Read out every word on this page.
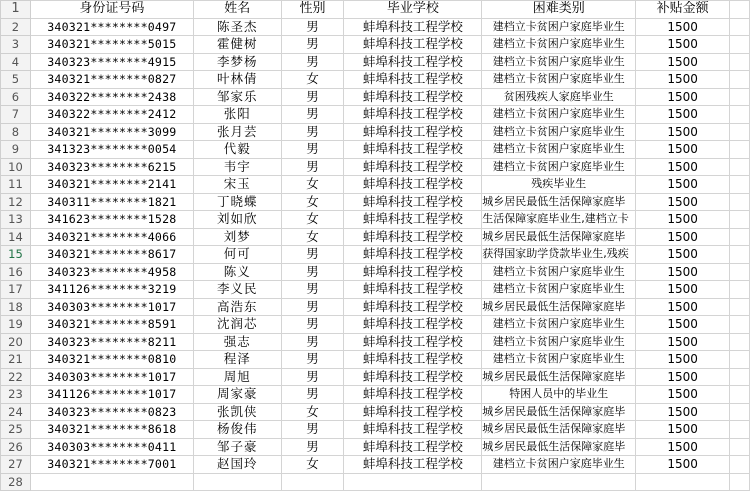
1	身份证号码	姓名	性别	毕业学校	困难类别	补贴金额	
2	340321********0497	陈圣杰	男	蚌埠科技工程学校	建档立卡贫困户家庭毕业生	1500	
3	340321********5015	霍健树	男	蚌埠科技工程学校	建档立卡贫困户家庭毕业生	1500	
4	340323********4915	李梦杨	男	蚌埠科技工程学校	建档立卡贫困户家庭毕业生	1500	
5	340321********0827	叶林倩	女	蚌埠科技工程学校	建档立卡贫困户家庭毕业生	1500	
6	340322********2438	邹家乐	男	蚌埠科技工程学校	贫困残疾人家庭毕业生	1500	
7	340322********2412	张阳	男	蚌埠科技工程学校	建档立卡贫困户家庭毕业生	1500	
8	340321********3099	张月芸	男	蚌埠科技工程学校	建档立卡贫困户家庭毕业生	1500	
9	341323********0054	代毅	男	蚌埠科技工程学校	建档立卡贫困户家庭毕业生	1500	
10	340323********6215	韦宇	男	蚌埠科技工程学校	建档立卡贫困户家庭毕业生	1500	
11	340321********2141	宋玉	女	蚌埠科技工程学校	残疾毕业生	1500	
12	340311********1821	丁晓蝶	女	蚌埠科技工程学校	城乡居民最低生活保障家庭毕	1500	
13	341623********1528	刘如欣	女	蚌埠科技工程学校	生活保障家庭毕业生,建档立卡	1500	
14	340321********4066	刘梦	女	蚌埠科技工程学校	城乡居民最低生活保障家庭毕	1500	
15	340321********8617	何可	男	蚌埠科技工程学校	获得国家助学贷款毕业生,残疾	1500	
16	340323********4958	陈义	男	蚌埠科技工程学校	建档立卡贫困户家庭毕业生	1500	
17	341126********3219	李义民	男	蚌埠科技工程学校	建档立卡贫困户家庭毕业生	1500	
18	340303********1017	高浩东	男	蚌埠科技工程学校	城乡居民最低生活保障家庭毕	1500	
19	340321********8591	沈润芯	男	蚌埠科技工程学校	建档立卡贫困户家庭毕业生	1500	
20	340323********8211	强志	男	蚌埠科技工程学校	建档立卡贫困户家庭毕业生	1500	
21	340321********0810	程泽	男	蚌埠科技工程学校	建档立卡贫困户家庭毕业生	1500	
22	340303********1017	周旭	男	蚌埠科技工程学校	城乡居民最低生活保障家庭毕	1500	
23	341126********1017	周家豪	男	蚌埠科技工程学校	特困人员中的毕业生	1500	
24	340323********0823	张凯侠	女	蚌埠科技工程学校	城乡居民最低生活保障家庭毕	1500	
25	340321********8618	杨俊伟	男	蚌埠科技工程学校	城乡居民最低生活保障家庭毕	1500	
26	340303********0411	邹子豪	男	蚌埠科技工程学校	城乡居民最低生活保障家庭毕	1500	
27	340321********7001	赵国玲	女	蚌埠科技工程学校	建档立卡贫困户家庭毕业生	1500	
28							
